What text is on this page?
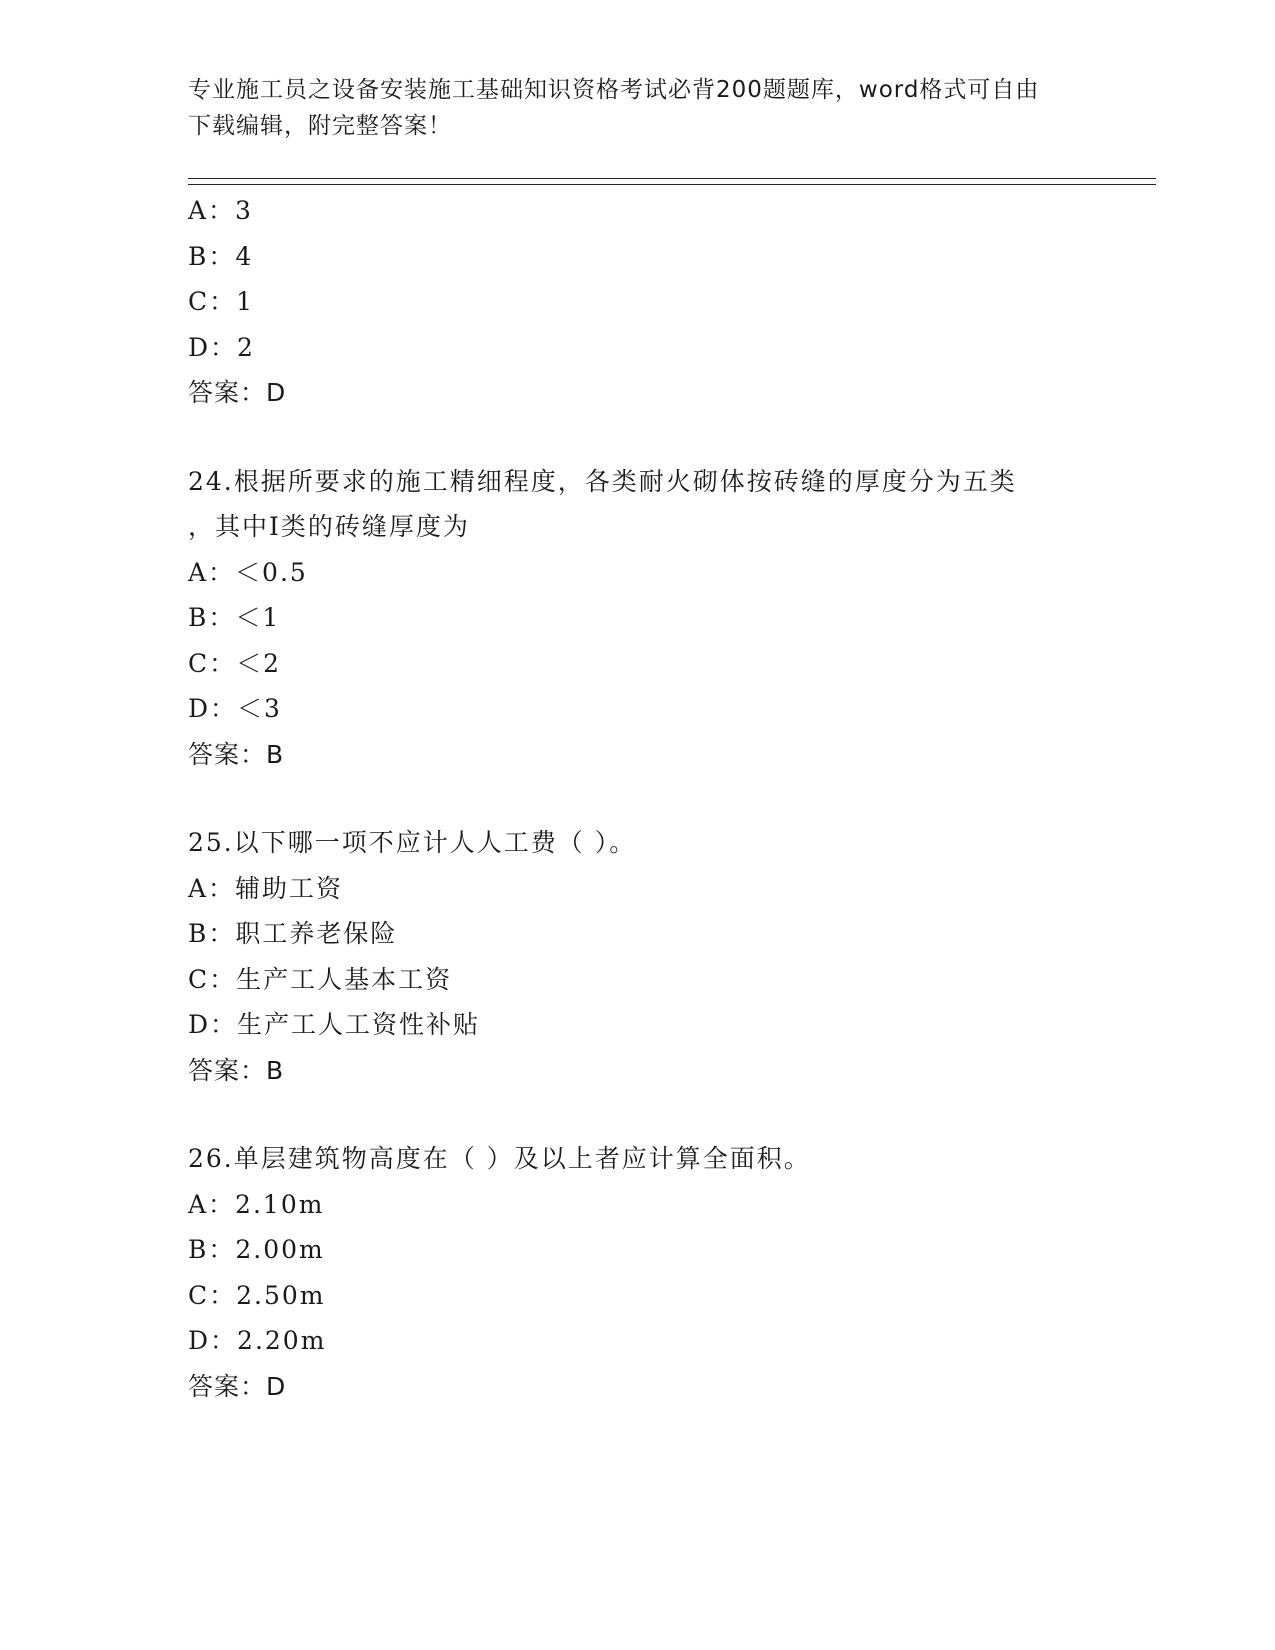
专业施工员之设备安装施工基础知识资格考试必背200题题库，word格式可自由
下载编辑，附完整答案！
A：3
B：4
C：1
D：2
答案：D
24.根据所要求的施工精细程度，各类耐火砌体按砖缝的厚度分为五类
，其中Ⅰ类的砖缝厚度为
A：＜0.5
B：＜1
C：＜2
D：＜3
答案：B
25.以下哪一项不应计人人工费（ ）。
A：辅助工资
B：职工养老保险
C：生产工人基本工资
D：生产工人工资性补贴
答案：B
26.单层建筑物高度在（ ）及以上者应计算全面积。
A：2.10m
B：2.00m
C：2.50m
D：2.20m
答案：D
